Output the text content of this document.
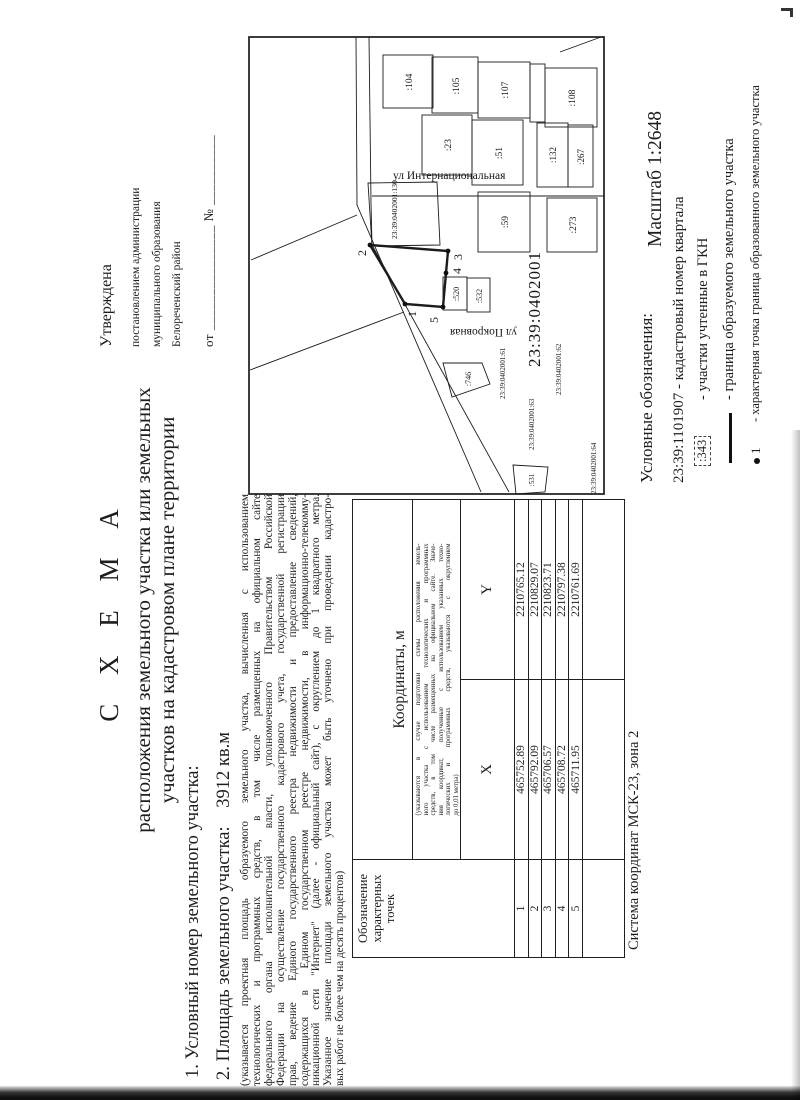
Утверждена	постановлением администрации муниципального образования Белореченский район	от _______________ № __________
С Х Е М А расположения земельного участка или земельных участков на кадастровом плане территории
1. Условный номер земельного участка: 2. Площадь земельного участка: 3912 кв.м (указывается проектная площадь образуемого земельного участка, вычисленная с использованием технологических и программных средств, в том числе размещенных на официальном сайте федерального органа исполнительной власти, уполномоченного Правительством Российской Федерации на осуществление государственного кадастрового учета, государственной регистрации прав, ведение Единого государственного реестра недвижимости и предоставление сведений, содержащихся в Едином государственном реестре недвижимости, в информационно-телекомму- никационной сети "Интернет" (далее - официальный сайт), с округлением до 1 квадратного метра. Указанное значение площади земельного участка может быть уточнено при проведении кадастро- вых работ не более чем на десять процентов) Обозначение характерных точек	Координаты, м	

(указываются в случае подготовки схемы расположения земель- ного участка с использованием технологических и программных средств, в том числе размещенных на официальном сайте. Значе- ния координат, полученные с использованием указанных техно- логических и программных средств, указываются с округлением до 0,01 метра)

	X	Y
1	465752.89	2210765.12
2	465792.09	2210829.07
3	465706.57	2210823.71
4	465708.72	2210797.38
5	465711.95	2210761.69

Система координат МСК-23, зона 2
Условные обозначения:
Масштаб 1:2648
23:39:1101907 - кадастровый номер квартала
:343
- участки учтенные в ГКН - граница образуемого земельного участка
1
- характерная точка граница образованного земельного участка
:104	:105	:107	:108
:23
:51	:132 :267
:59	:273
:520 :532
:746
:531
2
3
4
5
1
23:39:0402001:130
23:39:0402001:61	23:39:0402001:62
23:39:0402001:63
23:39:0402001:64
23:39:0402001
ул Интернациональная
ул Покровная
